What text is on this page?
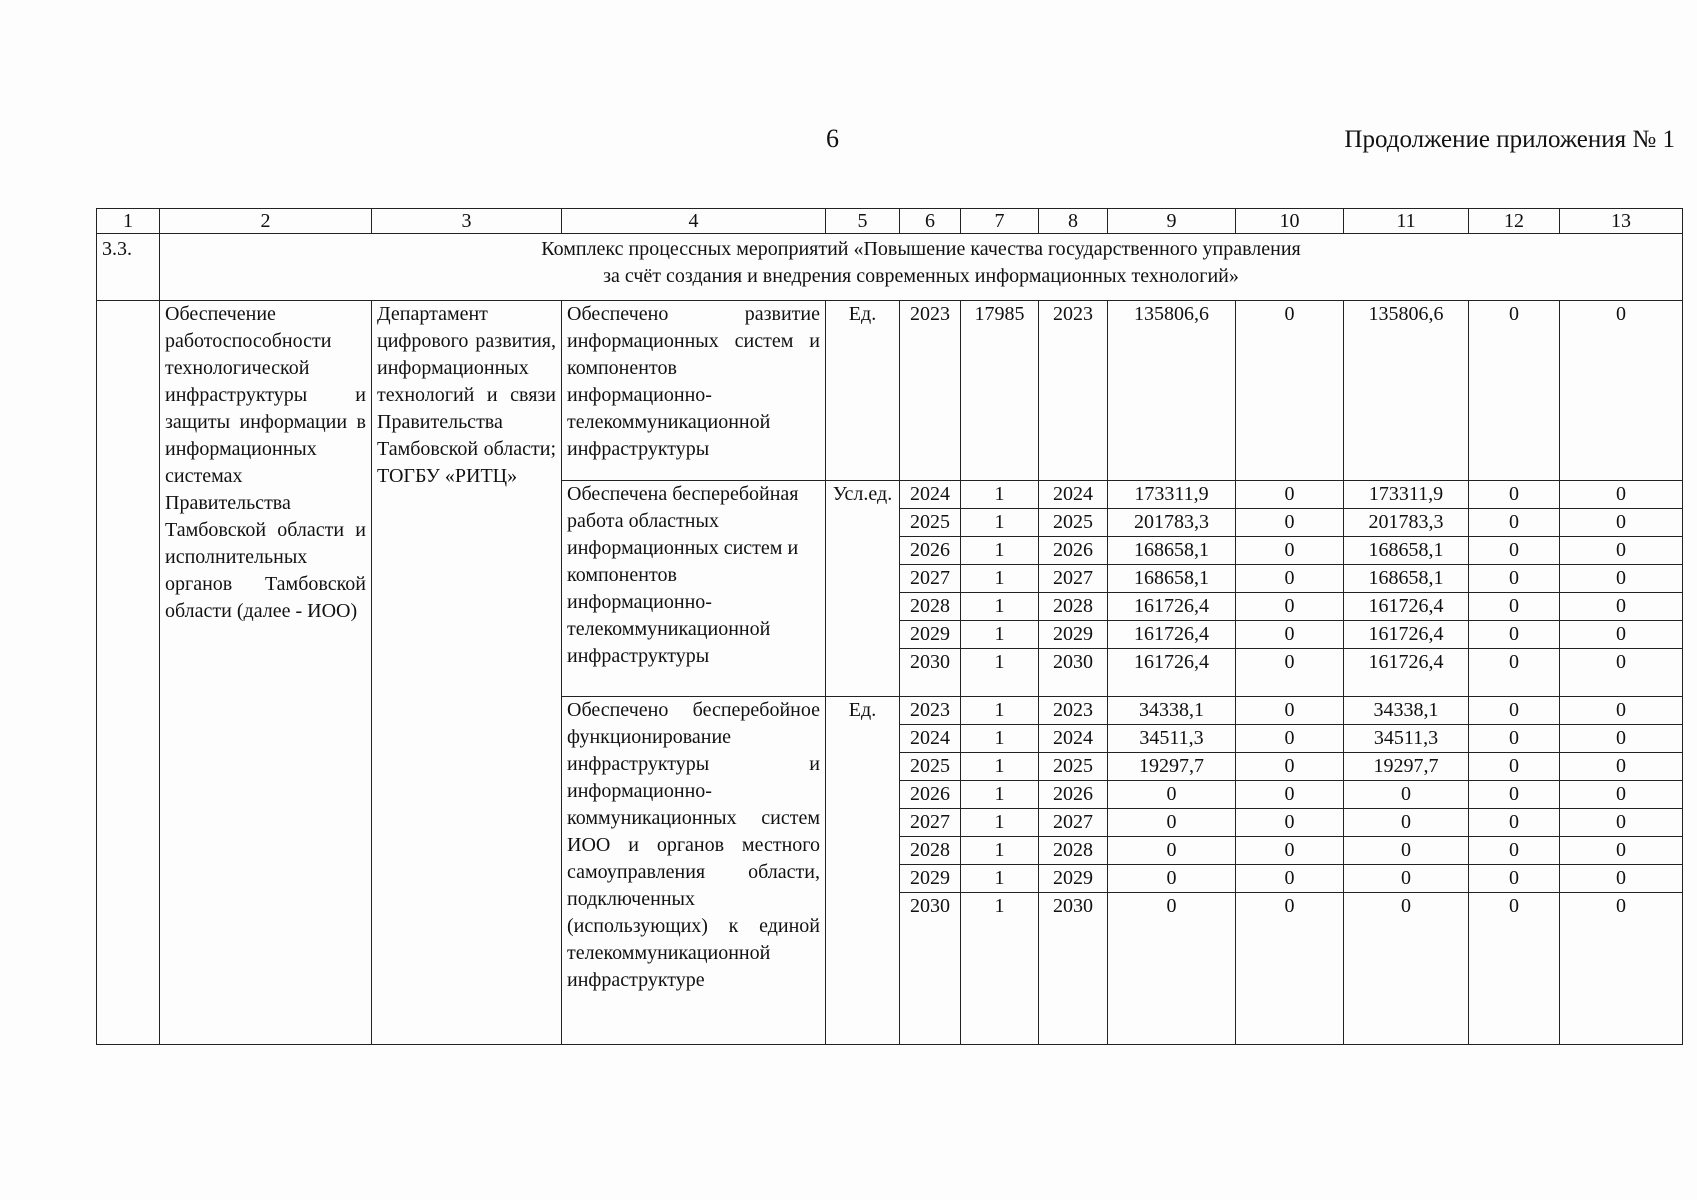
6	Продолжение приложения № 1
1	2	3	4	5	6	7	8	9	10	11	12	13
3.3.	Комплекс процессных мероприятий «Повышение качества государственного управления
за счёт создания и внедрения современных информационных технологий»											

	Обеспечение работоспособности технологической инфраструктуры и защиты информации в информационных системах Правительства Тамбовской области и исполнительных органов Тамбовской области (далее - ИОО)	Департамент цифрового развития, информационных технологий и связи Правительства Тамбовской области; ТОГБУ «РИТЦ»	Обеспечено развитие информационных систем и компонентов информационно-телекоммуникационной инфраструктуры	Ед.	2023	17985	2023	135806,6	0	135806,6	0	0
			Обеспечена бесперебойная работа областных информационных систем и компонентов информационно-телекоммуникационной инфраструктуры	Усл.ед.	2024	1	2024	173311,9	0	173311,9	0	0
					2025	1	2025	201783,3	0	201783,3	0	0
					2026	1	2026	168658,1	0	168658,1	0	0
					2027	1	2027	168658,1	0	168658,1	0	0
					2028	1	2028	161726,4	0	161726,4	0	0
					2029	1	2029	161726,4	0	161726,4	0	0
					2030	1	2030	161726,4	0	161726,4	0	0
			Обеспечено бесперебойное функционирование инфраструктуры и информационно-коммуникационных систем ИОО и органов местного самоуправления области, подключенных (использующих) к единой телекоммуникационной инфраструктуре	Ед.	2023	1	2023	34338,1	0	34338,1	0	0
					2024	1	2024	34511,3	0	34511,3	0	0
					2025	1	2025	19297,7	0	19297,7	0	0
					2026	1	2026	0	0	0	0	0
					2027	1	2027	0	0	0	0	0
					2028	1	2028	0	0	0	0	0
					2029	1	2029	0	0	0	0	0
					2030	1	2030	0	0	0	0	0
